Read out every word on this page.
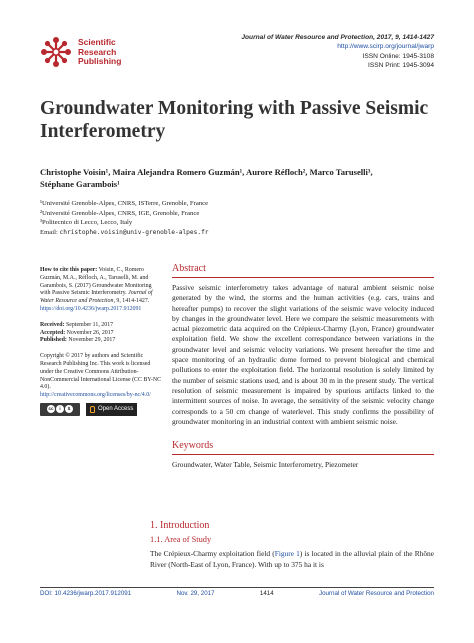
Scientific
Research
Publishing
Journal of Water Resource and Protection, 2017, 9, 1414-1427
http://www.scirp.org/journal/jwarp
ISSN Online: 1945-3108
ISSN Print: 1945-3094
Groundwater Monitoring with Passive Seismic
Interferometry
Christophe Voisin¹, Maira Alejandra Romero Guzmán¹, Aurore Réfloch², Marco Taruselli³,
Stéphane Garambois¹
¹Université Grenoble-Alpes, CNRS, ISTerre, Grenoble, France
²Université Grenoble-Alpes, CNRS, IGE, Grenoble, France
³Politecnico di Lecco, Lecco, Italy
Email: christophe.voisin@univ-grenoble-alpes.fr

How to cite this paper: Voisin, C., Romero Guzmán, M.A., Réfloch, A., Taruselli, M. and Garambois, S. (2017) Groundwater Monitoring with Passive Seismic Interferometry. Journal of Water Resource and Protection, 9, 1414-1427. https://doi.org/10.4236/jwarp.2017.912091

Received: September 11, 2017
Accepted: November 26, 2017
Published: November 29, 2017

Copyright © 2017 by authors and Scientific Research Publishing Inc. This work is licensed under the Creative Commons Attribution-NonCommercial International License (CC BY-NC 4.0).
http://creativecommons.org/licenses/by-nc/4.0/

cc	i	$	Open Access
Abstract

Passive seismic interferometry takes advantage of natural ambient seismic noise generated by the wind, the storms and the human activities (e.g. cars, trains and hereafter pumps) to recover the slight variations of the seismic wave velocity induced by changes in the groundwater level. Here we compare the seismic measurements with actual piezometric data acquired on the Crépieux-Charmy (Lyon, France) groundwater exploitation field. We show the excellent correspondance between variations in the groundwater level and seismic velocity variations. We present hereafter the time and space monitoring of an hydraulic dome formed to prevent biological and chemical pollutions to enter the exploitation field. The horizontal resolution is solely limited by the number of seismic stations used, and is about 30 m in the present study. The vertical resolution of seismic measurement is impaired by spurious artifacts linked to the intermittent sources of noise. In average, the sensitivity of the seismic velocity change corresponds to a 50 cm change of waterlevel. This study confirms the possibility of groundwater monitoring in an industrial context with ambient seismic noise.

Keywords

Groundwater, Water Table, Seismic Interferometry, Piezometer

1. Introduction
1.1. Area of Study

The Crépieux-Charmy exploitation field (Figure 1) is located in the alluvial plain of the Rhône River (North-East of Lyon, France). With up to 375 ha it is

DOI: 10.4236/jwarp.2017.912091	Nov. 29, 2017	1414	Journal of Water Resource and Protection
